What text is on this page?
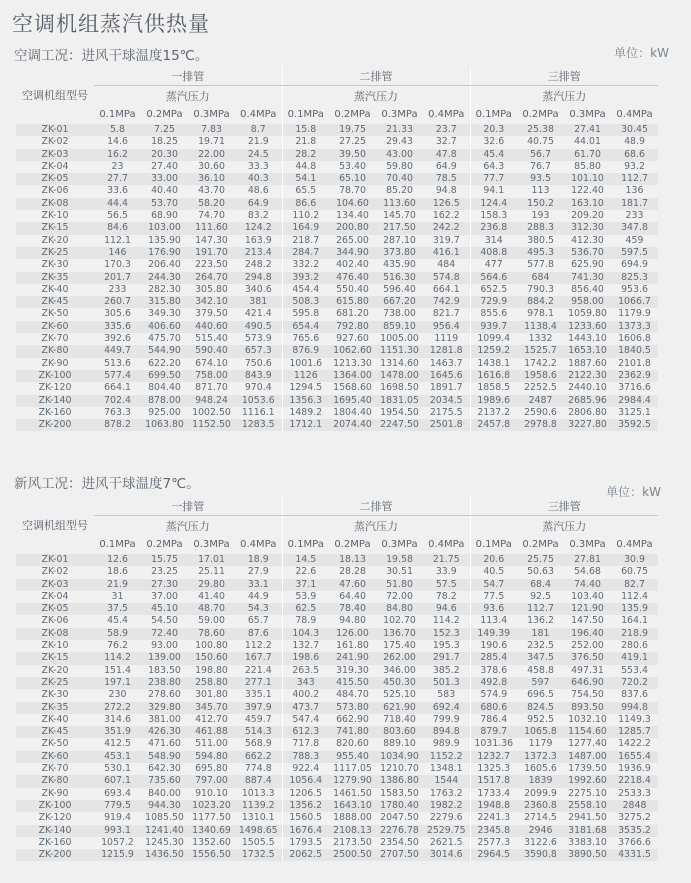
空调机组蒸汽供热量
空调工况：进风干球温度15℃。	单位：kW
空调机组型号	一排管				二排管				三排管			
	蒸汽压力				蒸汽压力				蒸汽压力			
	0.1MPa	0.2MPa	0.3MPa	0.4MPa	0.1MPa	0.2MPa	0.3MPa	0.4MPa	0.1MPa	0.2MPa	0.3MPa	0.4MPa
ZK-01	5.8	7.25	7.83	8.7	15.8	19.75	21.33	23.7	20.3	25.38	27.41	30.45
ZK-02	14.6	18.25	19.71	21.9	21.8	27.25	29.43	32.7	32.6	40.75	44.01	48.9
ZK-03	16.2	20.30	22.00	24.5	28.2	39.50	43.00	47.8	45.4	56.7	61.70	68.6
ZK-04	23	27.40	30.60	33.3	44.8	53.40	59.80	64.9	64.3	76.7	85.80	93.2
ZK-05	27.7	33.00	36.10	40.3	54.1	65.10	70.40	78.5	77.7	93.5	101.10	112.7
ZK-06	33.6	40.40	43.70	48.6	65.5	78.70	85.20	94.8	94.1	113	122.40	136
ZK-08	44.4	53.70	58.20	64.9	86.6	104.60	113.60	126.5	124.4	150.2	163.10	181.7
ZK-10	56.5	68.90	74.70	83.2	110.2	134.40	145.70	162.2	158.3	193	209.20	233
ZK-15	84.6	103.00	111.60	124.2	164.9	200.80	217.50	242.2	236.8	288.3	312.30	347.8
ZK-20	112.1	135.90	147.30	163.9	218.7	265.00	287.10	319.7	314	380.5	412.30	459
ZK-25	146	176.90	191.70	213.4	284.7	344.90	373.80	416.1	408.8	495.3	536.70	597.5
ZK-30	170.3	206.40	223.50	248.2	332.2	402.40	435.90	484	477	577.8	625.90	694.9
ZK-35	201.7	244.30	264.70	294.8	393.2	476.40	516.30	574.8	564.6	684	741.30	825.3
ZK-40	233	282.30	305.80	340.6	454.4	550.40	596.40	664.1	652.5	790.3	856.40	953.6
ZK-45	260.7	315.80	342.10	381	508.3	615.80	667.20	742.9	729.9	884.2	958.00	1066.7
ZK-50	305.6	349.30	379.50	421.4	595.8	681.20	738.00	821.7	855.6	978.1	1059.80	1179.9
ZK-60	335.6	406.60	440.60	490.5	654.4	792.80	859.10	956.4	939.7	1138.4	1233.60	1373.3
ZK-70	392.6	475.70	515.40	573.9	765.6	927.60	1005.00	1119	1099.4	1332	1443.10	1606.8
ZK-80	449.7	544.90	590.40	657.3	876.9	1062.60	1151.30	1281.8	1259.2	1525.7	1653.10	1840.5
ZK-90	513.6	622.20	674.10	750.6	1001.6	1213.30	1314.60	1463.7	1438.1	1742.2	1887.60	2101.8
ZK-100	577.4	699.50	758.00	843.9	1126	1364.00	1478.00	1645.6	1616.8	1958.6	2122.30	2362.9
ZK-120	664.1	804.40	871.70	970.4	1294.5	1568.60	1698.50	1891.7	1858.5	2252.5	2440.10	3716.6
ZK-140	702.4	878.00	948.24	1053.6	1356.3	1695.40	1831.05	2034.5	1989.6	2487	2685.96	2984.4
ZK-160	763.3	925.00	1002.50	1116.1	1489.2	1804.40	1954.50	2175.5	2137.2	2590.6	2806.80	3125.1
ZK-200	878.2	1063.80	1152.50	1283.5	1712.1	2074.40	2247.50	2501.8	2457.8	2978.8	3227.80	3592.5
新风工况：进风干球温度7℃。	单位：kW
空调机组型号	一排管				二排管				三排管			
	蒸汽压力				蒸汽压力				蒸汽压力			
	0.1MPa	0.2MPa	0.3MPa	0.4MPa	0.1MPa	0.2MPa	0.3MPa	0.4MPa	0.1MPa	0.2MPa	0.3MPa	0.4MPa
ZK-01	12.6	15.75	17.01	18.9	14.5	18.13	19.58	21.75	20.6	25.75	27.81	30.9
ZK-02	18.6	23.25	25.11	27.9	22.6	28.28	30.51	33.9	40.5	50.63	54.68	60.75
ZK-03	21.9	27.30	29.80	33.1	37.1	47.60	51.80	57.5	54.7	68.4	74.40	82.7
ZK-04	31	37.00	41.40	44.9	53.9	64.40	72.00	78.2	77.5	92.5	103.40	112.4
ZK-05	37.5	45.10	48.70	54.3	62.5	78.40	84.80	94.6	93.6	112.7	121.90	135.9
ZK-06	45.4	54.50	59.00	65.7	78.9	94.80	102.70	114.2	113.4	136.2	147.50	164.1
ZK-08	58.9	72.40	78.60	87.6	104.3	126.00	136.70	152.3	149.39	181	196.40	218.9
ZK-10	76.2	93.00	100.80	112.2	132.7	161.80	175.40	195.3	190.6	232.5	252.00	280.6
ZK-15	114.2	139.00	150.60	167.7	198.6	241.90	262.00	291.7	285.4	347.5	376.50	419.1
ZK-20	151.4	183.50	198.80	221.4	263.5	319.30	346.00	385.2	378.6	458.8	497.31	553.4
ZK-25	197.1	238.80	258.80	277.1	343	415.50	450.30	501.3	492.8	597	646.90	720.2
ZK-30	230	278.60	301.80	335.1	400.2	484.70	525.10	583	574.9	696.5	754.50	837.6
ZK-35	272.2	329.80	345.70	397.9	473.7	573.80	621.90	692.4	680.6	824.5	893.50	994.8
ZK-40	314.6	381.00	412.70	459.7	547.4	662.90	718.40	799.9	786.4	952.5	1032.10	1149.3
ZK-45	351.9	426.30	461.88	514.3	612.3	741.80	803.60	894.8	879.7	1065.8	1154.60	1285.7
ZK-50	412.5	471.60	511.00	568.9	717.8	820.60	889.10	989.9	1031.36	1179	1277.40	1422.2
ZK-60	453.1	548.90	594.80	662.2	788.3	955.40	1034.90	1152.2	1232.7	1372.3	1487.00	1655.4
ZK-70	530.1	642.30	695.80	774.8	922.4	1117.05	1210.70	1348.1	1325.3	1605.6	1739.50	1936.9
ZK-80	607.1	735.60	797.00	887.4	1056.4	1279.90	1386.80	1544	1517.8	1839	1992.60	2218.4
ZK-90	693.4	840.00	910.10	1013.3	1206.5	1461.50	1583.50	1763.2	1733.4	2099.9	2275.10	2533.3
ZK-100	779.5	944.30	1023.20	1139.2	1356.2	1643.10	1780.40	1982.2	1948.8	2360.8	2558.10	2848
ZK-120	919.4	1085.50	1177.50	1310.1	1560.5	1888.00	2047.50	2279.6	2241.3	2714.5	2941.50	3275.2
ZK-140	993.1	1241.40	1340.69	1498.65	1676.4	2108.13	2276.78	2529.75	2345.8	2946	3181.68	3535.2
ZK-160	1057.2	1245.30	1352.60	1505.5	1793.5	2173.50	2354.50	2621.5	2577.3	3122.6	3383.10	3766.6
ZK-200	1215.9	1436.50	1556.50	1732.5	2062.5	2500.50	2707.50	3014.6	2964.5	3590.8	3890.50	4331.5
